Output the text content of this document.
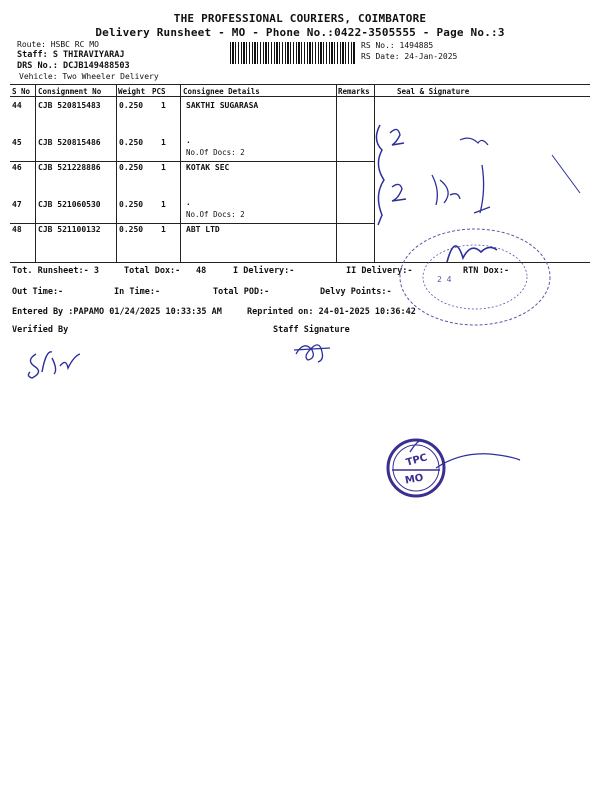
THE PROFESSIONAL COURIERS, COIMBATORE
Delivery Runsheet - MO - Phone No.:0422-3505555 - Page No.:3
Route: HSBC RC MO
Staff: S THIRAVIYARAJ
DRS No.: DCJB149488503
Vehicle: Two Wheeler Delivery
RS No.: 1494885
RS Date: 24-Jan-2025
S No Consignment No Weight PCS Consignee Details	Remarks	Seal & Signature
44 CJB 520815483 0.250 1	SAKTHI SUGARASA
45 CJB 520815486 0.250 1	.
No.Of Docs: 2
46 CJB 521228886 0.250 1	KOTAK SEC
47 CJB 521060530 0.250 1	.
No.Of Docs: 2
48 CJB 521100132 0.250 1	ABT LTD
Tot. Runsheet:- 3	Total Dox:- 48	I Delivery:-	II Delivery:-	RTN Dox:-
Out Time:-	In Time:-	Total POD:-	Delvy Points:-
Entered By :PAPAMO 01/24/2025 10:33:35 AM	Reprinted on: 24-01-2025 10:36:42
Verified By	Staff Signature
2 4
TPC
MO
